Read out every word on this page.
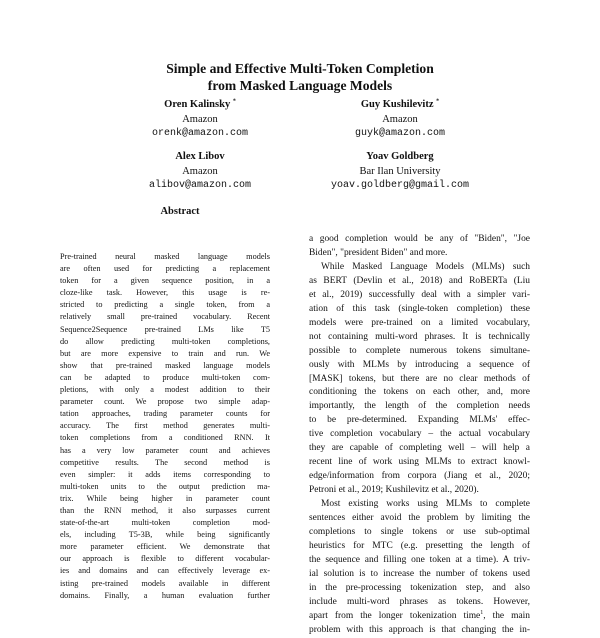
Simple and Effective Multi-Token Completion
from Masked Language Models
Oren Kalinsky *
Amazon
orenk@amazon.com
Guy Kushilevitz *
Amazon
guyk@amazon.com
Alex Libov
Amazon
alibov@amazon.com
Yoav Goldberg
Bar Ilan University
yoav.goldberg@gmail.com
Abstract

Pre-trained neural masked language models

are often used for predicting a replacement

token for a given sequence position, in a

cloze-like task. However, this usage is re-

stricted to predicting a single token, from a

relatively small pre-trained vocabulary. Recent

Sequence2Sequence pre-trained LMs like T5

do allow predicting multi-token completions,

but are more expensive to train and run. We

show that pre-trained masked language models

can be adapted to produce multi-token com-

pletions, with only a modest addition to their

parameter count. We propose two simple adap-

tation approaches, trading parameter counts for

accuracy. The first method generates multi-

token completions from a conditioned RNN. It

has a very low parameter count and achieves

competitive results. The second method is

even simpler: it adds items corresponding to

multi-token units to the output prediction ma-

trix. While being higher in parameter count

than the RNN method, it also surpasses current

state-of-the-art multi-token completion mod-

els, including T5-3B, while being significantly

more parameter efficient. We demonstrate that

our approach is flexible to different vocabular-

ies and domains and can effectively leverage ex-

isting pre-trained models available in different

domains. Finally, a human evaluation further

a good completion would be any of "Biden", "Joe

Biden", "president Biden" and more.

While Masked Language Models (MLMs) such

as BERT (Devlin et al., 2018) and RoBERTa (Liu

et al., 2019) successfully deal with a simpler vari-

ation of this task (single-token completion) these

models were pre-trained on a limited vocabulary,

not containing multi-word phrases. It is technically

possible to complete numerous tokens simultane-

ously with MLMs by introducing a sequence of

[MASK] tokens, but there are no clear methods of

conditioning the tokens on each other, and, more

importantly, the length of the completion needs

to be pre-determined. Expanding MLMs' effec-

tive completion vocabulary – the actual vocabulary

they are capable of completing well – will help a

recent line of work using MLMs to extract knowl-

edge/information from corpora (Jiang et al., 2020;

Petroni et al., 2019; Kushilevitz et al., 2020).

Most existing works using MLMs to complete

sentences either avoid the problem by limiting the

completions to single tokens or use sub-optimal

heuristics for MTC (e.g. presetting the length of

the sequence and filling one token at a time). A triv-

ial solution is to increase the number of tokens used

in the pre-processing tokenization step, and also

include multi-word phrases as tokens. However,

apart from the longer tokenization time$^1$, the main

problem with this approach is that changing the in-
